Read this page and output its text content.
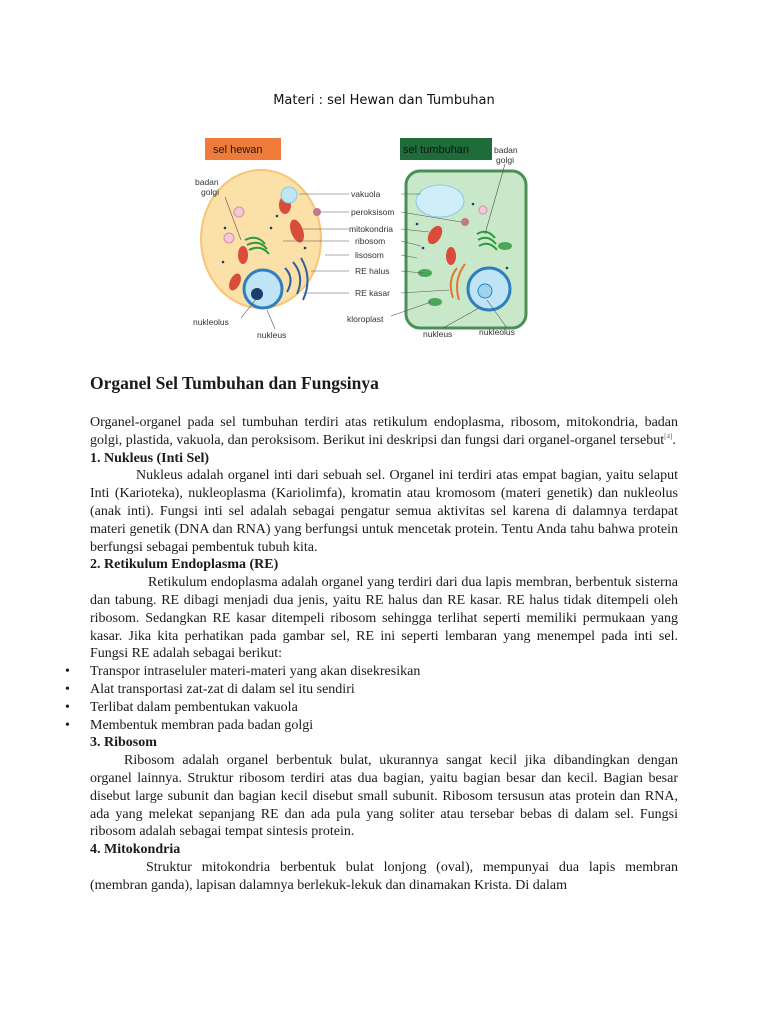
Materi : sel Hewan dan Tumbuhan
sel hewan	sel tumbuhan
badan
golgi
badan
golgi
vakuola
peroksisom
mitokondria
ribosom
lisosom
RE halus
RE kasar
kloroplast
nukleolus
nukleus	nukleus	nukleolus
Organel Sel Tumbuhan dan Fungsinya

Organel-organel pada sel tumbuhan terdiri atas retikulum endoplasma, ribosom, mitokondria, badan golgi, plastida, vakuola, dan peroksisom. Berikut ini deskripsi dan fungsi dari organel-organel tersebut[4].

1. Nukleus (Inti Sel)

Nukleus adalah organel inti dari sebuah sel. Organel ini terdiri atas empat bagian, yaitu selaput Inti (Karioteka), nukleoplasma (Kariolimfa), kromatin atau kromosom (materi genetik) dan nukleolus (anak inti). Fungsi inti sel adalah sebagai pengatur semua aktivitas sel karena di dalamnya terdapat materi genetik (DNA dan RNA) yang berfungsi untuk mencetak protein. Tentu Anda tahu bahwa protein berfungsi sebagai pembentuk tubuh kita.

2. Retikulum Endoplasma (RE)

Retikulum endoplasma adalah organel yang terdiri dari dua lapis membran, berbentuk sisterna dan tabung. RE dibagi menjadi dua jenis, yaitu RE halus dan RE kasar. RE halus tidak ditempeli oleh ribosom. Sedangkan RE kasar ditempeli ribosom sehingga terlihat seperti memiliki permukaan yang kasar. Jika kita perhatikan pada gambar sel, RE ini seperti lembaran yang menempel pada inti sel. Fungsi RE adalah sebagai berikut:

• Transpor intraseluler materi-materi yang akan disekresikan
• Alat transportasi zat-zat di dalam sel itu sendiri
• Terlibat dalam pembentukan vakuola
• Membentuk membran pada badan golgi

3. Ribosom

Ribosom adalah organel berbentuk bulat, ukurannya sangat kecil jika dibandingkan dengan organel lainnya. Struktur ribosom terdiri atas dua bagian, yaitu bagian besar dan kecil. Bagian besar disebut large subunit dan bagian kecil disebut small subunit. Ribosom tersusun atas protein dan RNA, ada yang melekat sepanjang RE dan ada pula yang soliter atau tersebar bebas di dalam sel. Fungsi ribosom adalah sebagai tempat sintesis protein.

4. Mitokondria

Struktur mitokondria berbentuk bulat lonjong (oval), mempunyai dua lapis membran (membran ganda), lapisan dalamnya berlekuk-lekuk dan dinamakan Krista. Di dalam
